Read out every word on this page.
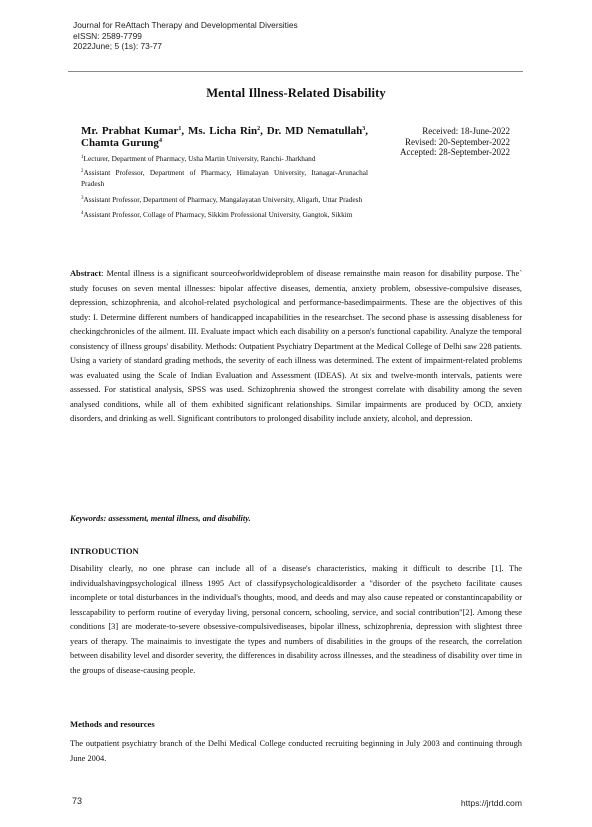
Journal for ReAttach Therapy and Developmental Diversities
eISSN: 2589-7799
2022June; 5 (1s): 73-77
Mental Illness-Related Disability
Mr. Prabhat Kumar$^1$, Ms. Licha Rin$^2$, Dr. MD Nematullah$^3$, Chamta Gurung$^4$
Received: 18-June-2022
Revised: 20-September-2022
Accepted: 28-September-2022
$^1$Lecturer, Department of Pharmacy, Usha Martin University, Ranchi- Jharkhand
$^2$Assistant Professor, Department of Pharmacy, Himalayan University, Itanagar-Arunachal Pradesh
$^3$Assistant Professor, Department of Pharmacy, Mangalayatan University, Aligarh, Uttar Pradesh
$^4$Assistant Professor, Collage of Pharmacy, Sikkim Professional University, Gangtok, Sikkim
Abstract: Mental illness is a significant sourceofworldwideproblem of disease remainsthe main reason for disability purpose. The` study focuses on seven mental illnesses: bipolar affective diseases, dementia, anxiety problem, obsessive-compulsive diseases, depression, schizophrenia, and alcohol-related psychological and performance-basedimpairments. These are the objectives of this study: I. Determine different numbers of handicapped incapabilities in the researchset. The second phase is assessing disableness for checkingchronicles of the ailment. III. Evaluate impact which each disability on a person's functional capability. Analyze the temporal consistency of illness groups' disability. Methods: Outpatient Psychiatry Department at the Medical College of Delhi saw 228 patients. Using a variety of standard grading methods, the severity of each illness was determined. The extent of impairment-related problems was evaluated using the Scale of Indian Evaluation and Assessment (IDEAS). At six and twelve-month intervals, patients were assessed. For statistical analysis, SPSS was used. Schizophrenia showed the strongest correlate with disability among the seven analysed conditions, while all of them exhibited significant relationships. Similar impairments are produced by OCD, anxiety disorders, and drinking as well. Significant contributors to prolonged disability include anxiety, alcohol, and depression.
Keywords: assessment, mental illness, and disability.
INTRODUCTION
Disability clearly, no one phrase can include all of a disease's characteristics, making it difficult to describe [1]. The individualshavingpsychological illness 1995 Act of classifypsychologicaldisorder a "disorder of the psycheto facilitate causes incomplete or total disturbances in the individual's thoughts, mood, and deeds and may also cause repeated or constantincapability or lesscapability to perform routine of everyday living, personal concern, schooling, service, and social contribution"[2]. Among these conditions [3] are moderate-to-severe obsessive-compulsivediseases, bipolar illness, schizophrenia, depression with slightest three years of therapy. The mainaimis to investigate the types and numbers of disabilities in the groups of the research, the correlation between disability level and disorder severity, the differences in disability across illnesses, and the steadiness of disability over time in the groups of disease-causing people.
Methods and resources
The outpatient psychiatry branch of the Delhi Medical College conducted recruiting beginning in July 2003 and continuing through June 2004.
73	https://jrtdd.com
